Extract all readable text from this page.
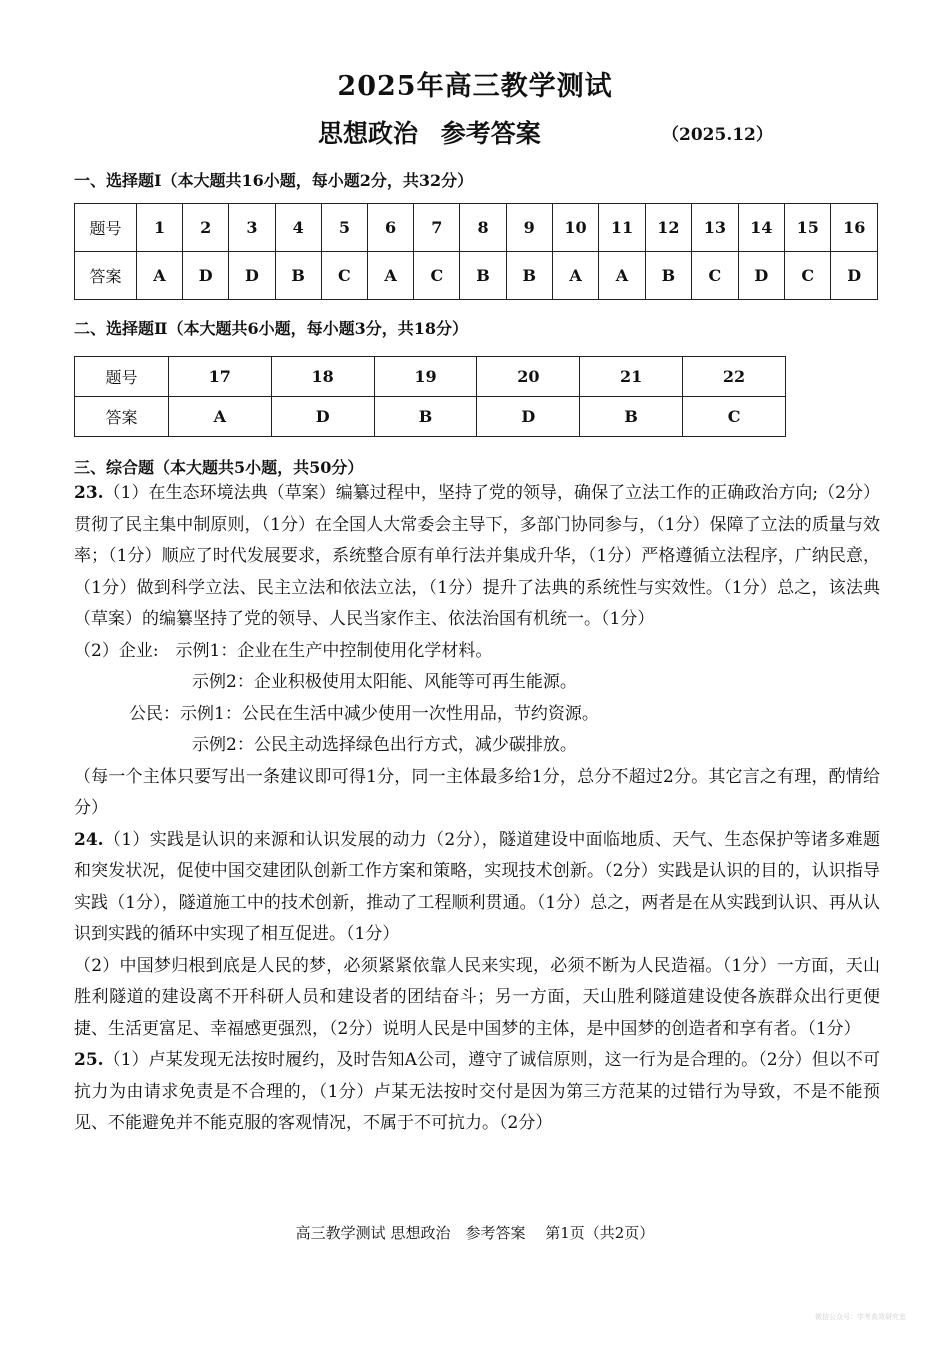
2025年高三教学测试
思想政治 参考答案	（2025.12）
一、选择题Ⅰ（本大题共16小题，每小题2分，共32分）
题号	1	2	3	4	5	6	7	8	9	10	11	12	13	14	15	16
答案	A	D	D	B	C	A	C	B	B	A	A	B	C	D	C	D
二、选择题Ⅱ（本大题共6小题，每小题3分，共18分）
题号	17	18	19	20	21	22
答案	A	D	B	D	B	C
三、综合题（本大题共5小题，共50分）

23.（1）在生态环境法典（草案）编纂过程中，坚持了党的领导，确保了立法工作的正确政治方向;（2分）贯彻了民主集中制原则，（1分）在全国人大常委会主导下，多部门协同参与，（1分）保障了立法的质量与效率；（1分）顺应了时代发展要求，系统整合原有单行法并集成升华，（1分）严格遵循立法程序，广纳民意，（1分）做到科学立法、民主立法和依法立法，（1分）提升了法典的系统性与实效性。（1分）总之，该法典（草案）的编纂坚持了党的领导、人民当家作主、依法治国有机统一。（1分）

（2）企业:　示例1：企业在生产中控制使用化学材料。

示例2：企业积极使用太阳能、风能等可再生能源。

公民：示例1：公民在生活中减少使用一次性用品，节约资源。

示例2：公民主动选择绿色出行方式，减少碳排放。

（每一个主体只要写出一条建议即可得1分，同一主体最多给1分，总分不超过2分。其它言之有理，酌情给分）

24.（1）实践是认识的来源和认识发展的动力（2分），隧道建设中面临地质、天气、生态保护等诸多难题和突发状况，促使中国交建团队创新工作方案和策略，实现技术创新。（2分）实践是认识的目的，认识指导实践（1分），隧道施工中的技术创新，推动了工程顺利贯通。（1分）总之，两者是在从实践到认识、再从认识到实践的循环中实现了相互促进。（1分）

（2）中国梦归根到底是人民的梦，必须紧紧依靠人民来实现，必须不断为人民造福。（1分）一方面，天山胜利隧道的建设离不开科研人员和建设者的团结奋斗；另一方面，天山胜利隧道建设使各族群众出行更便捷、生活更富足、幸福感更强烈，（2分）说明人民是中国梦的主体，是中国梦的创造者和享有者。（1分）

25.（1）卢某发现无法按时履约，及时告知A公司，遵守了诚信原则，这一行为是合理的。（2分）但以不可抗力为由请求免责是不合理的，（1分）卢某无法按时交付是因为第三方范某的过错行为导致，不是不能预见、不能避免并不能克服的客观情况，不属于不可抗力。（2分）

高三教学测试 思想政治　参考答案　 第1页（共2页）
微信公众号：学考高效研究室
